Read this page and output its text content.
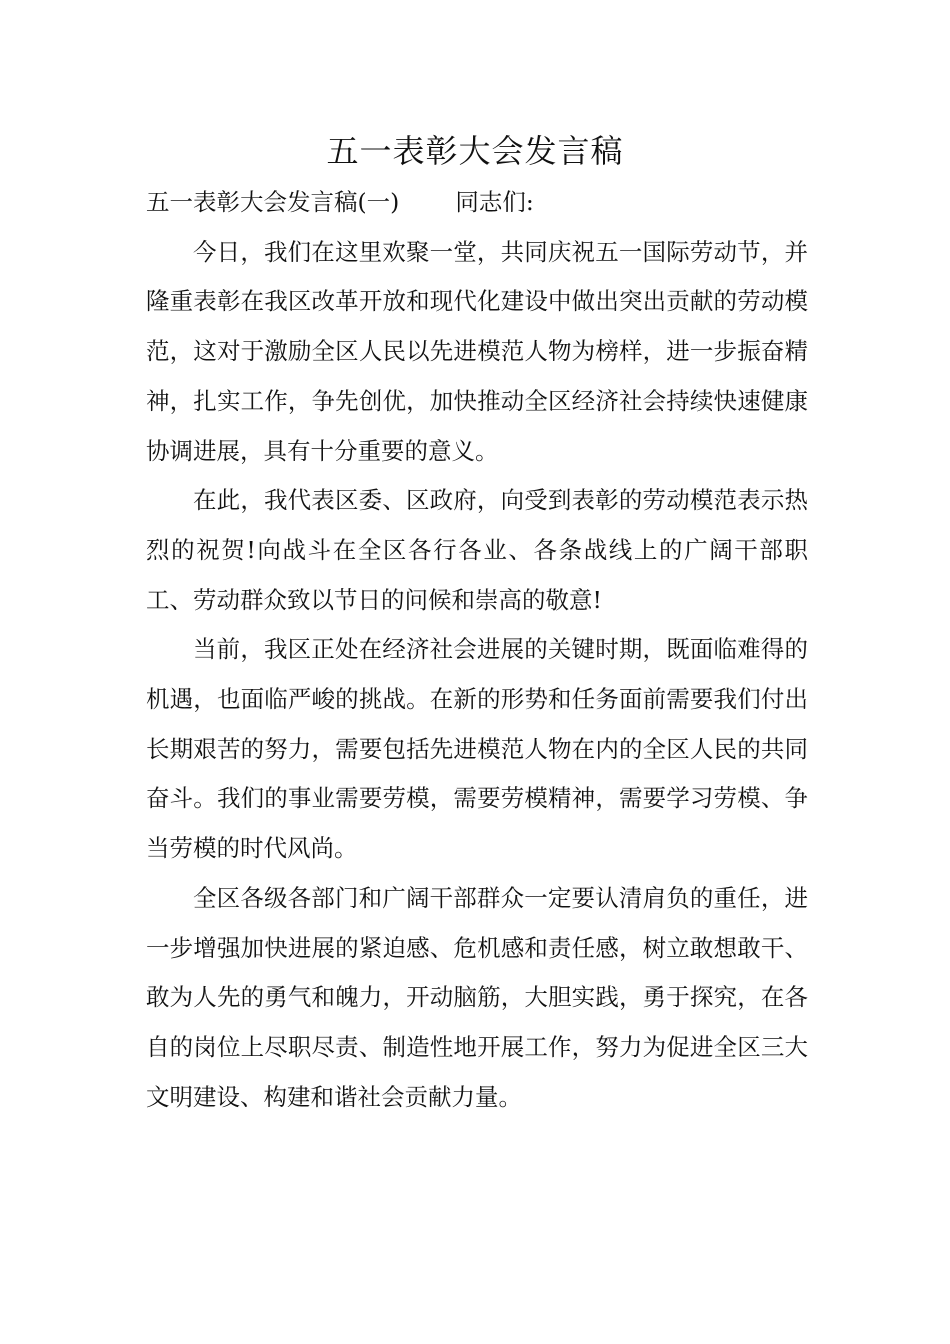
五一表彰大会发言稿

五一表彰大会发言稿(一) 同志们:

今日，我们在这里欢聚一堂，共同庆祝五一国际劳动节，并隆重表彰在我区改革开放和现代化建设中做出突出贡献的劳动模范，这对于激励全区人民以先进模范人物为榜样，进一步振奋精神，扎实工作，争先创优，加快推动全区经济社会持续快速健康协调进展，具有十分重要的意义。

在此，我代表区委、区政府，向受到表彰的劳动模范表示热烈的祝贺!向战斗在全区各行各业、各条战线上的广阔干部职工、劳动群众致以节日的问候和崇高的敬意!

当前，我区正处在经济社会进展的关键时期，既面临难得的机遇，也面临严峻的挑战。在新的形势和任务面前需要我们付出长期艰苦的努力，需要包括先进模范人物在内的全区人民的共同奋斗。我们的事业需要劳模，需要劳模精神，需要学习劳模、争当劳模的时代风尚。

全区各级各部门和广阔干部群众一定要认清肩负的重任，进一步增强加快进展的紧迫感、危机感和责任感，树立敢想敢干、敢为人先的勇气和魄力，开动脑筋，大胆实践，勇于探究，在各自的岗位上尽职尽责、制造性地开展工作，努力为促进全区三大文明建设、构建和谐社会贡献力量。
